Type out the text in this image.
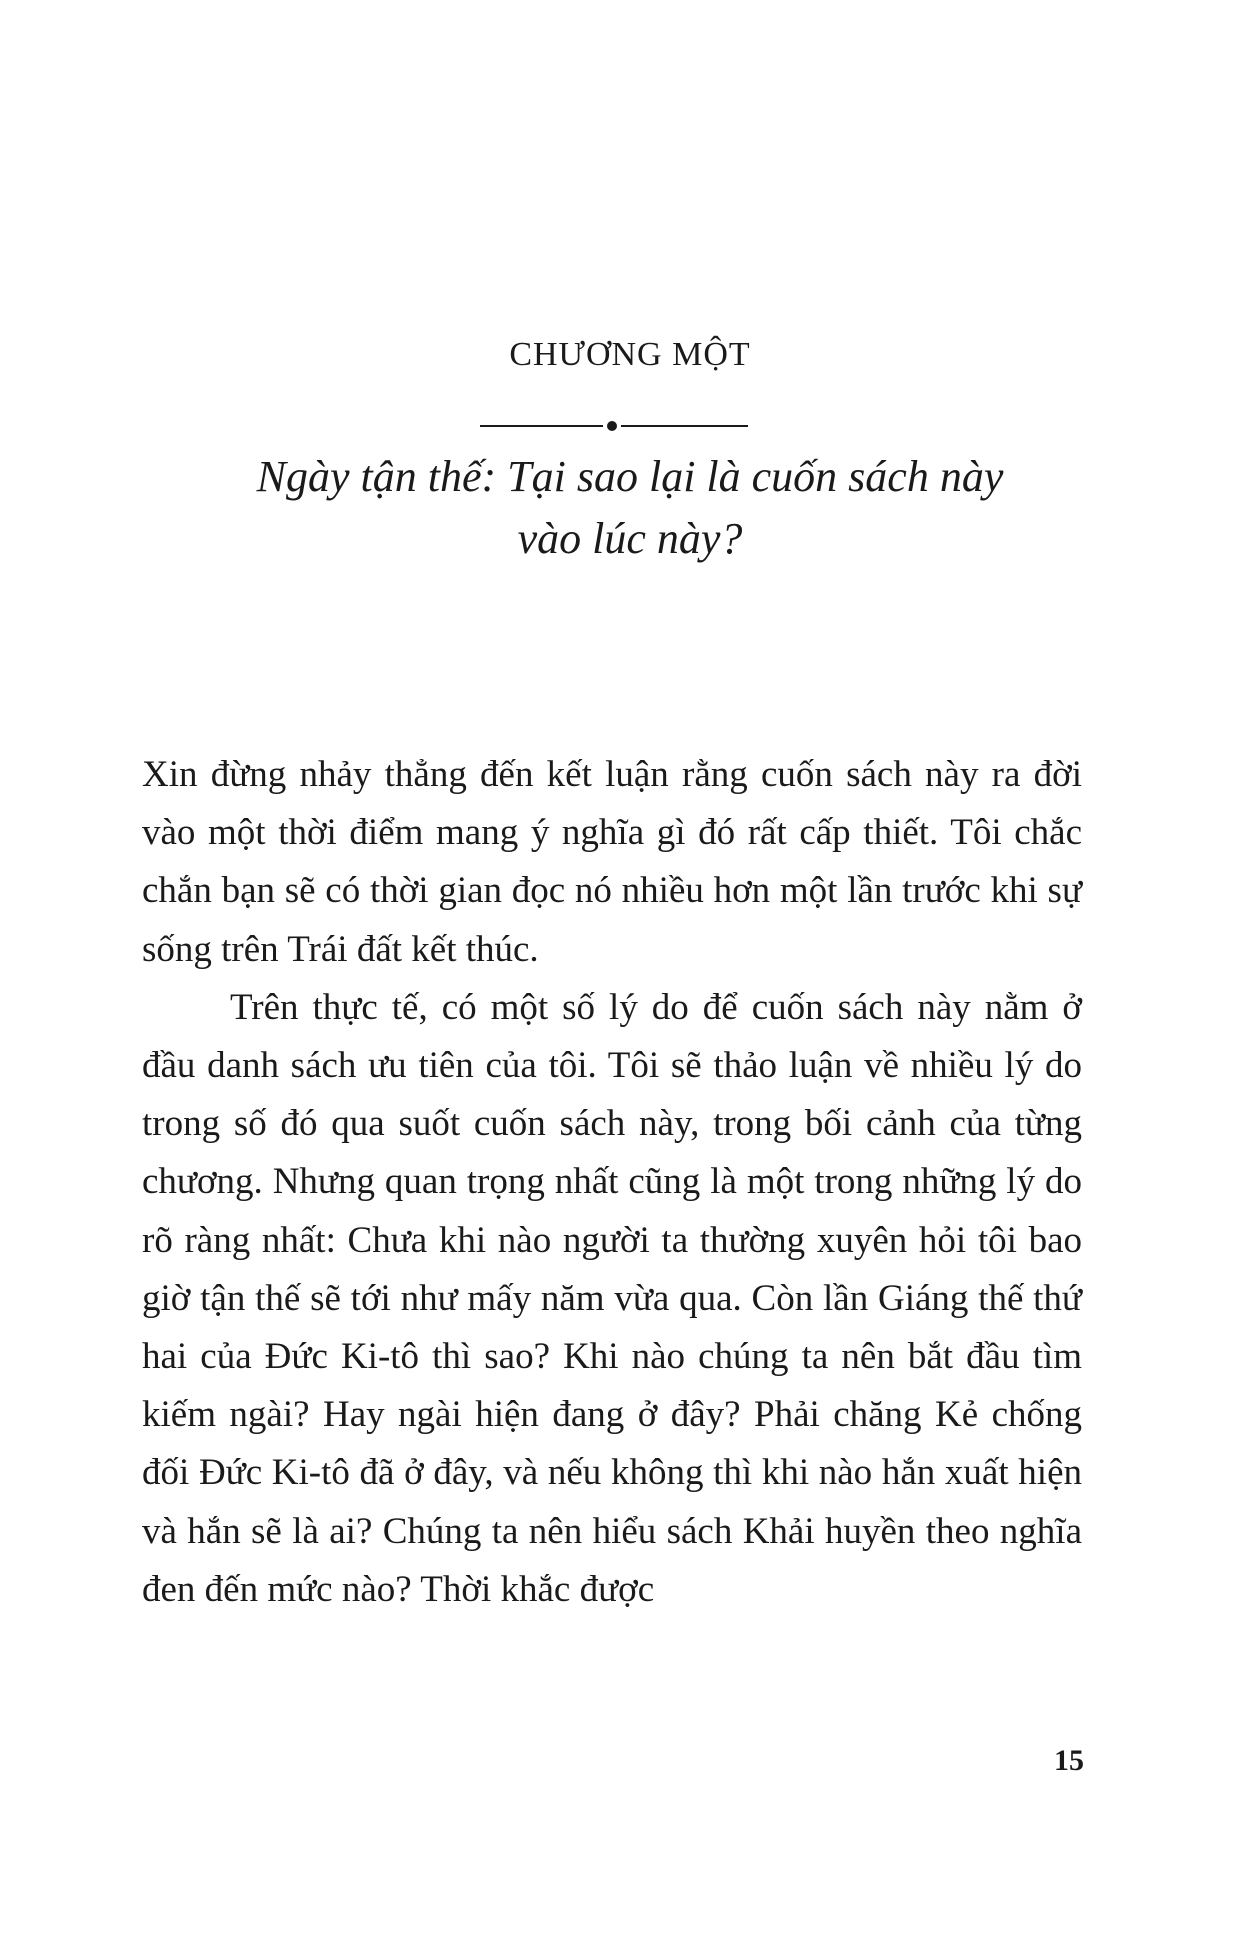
CHƯƠNG MỘT
Ngày tận thế: Tại sao lại là cuốn sách này
vào lúc này?

Xin đừng nhảy thẳng đến kết luận rằng cuốn sách này ra đời vào một thời điểm mang ý nghĩa gì đó rất cấp thiết. Tôi chắc chắn bạn sẽ có thời gian đọc nó nhiều hơn một lần trước khi sự sống trên Trái đất kết thúc.

Trên thực tế, có một số lý do để cuốn sách này nằm ở đầu danh sách ưu tiên của tôi. Tôi sẽ thảo luận về nhiều lý do trong số đó qua suốt cuốn sách này, trong bối cảnh của từng chương. Nhưng quan trọng nhất cũng là một trong những lý do rõ ràng nhất: Chưa khi nào người ta thường xuyên hỏi tôi bao giờ tận thế sẽ tới như mấy năm vừa qua. Còn lần Giáng thế thứ hai của Đức Ki-tô thì sao? Khi nào chúng ta nên bắt đầu tìm kiếm ngài? Hay ngài hiện đang ở đây? Phải chăng Kẻ chống đối Đức Ki-tô đã ở đây, và nếu không thì khi nào hắn xuất hiện và hắn sẽ là ai? Chúng ta nên hiểu sách Khải huyền theo nghĩa đen đến mức nào? Thời khắc được

15
